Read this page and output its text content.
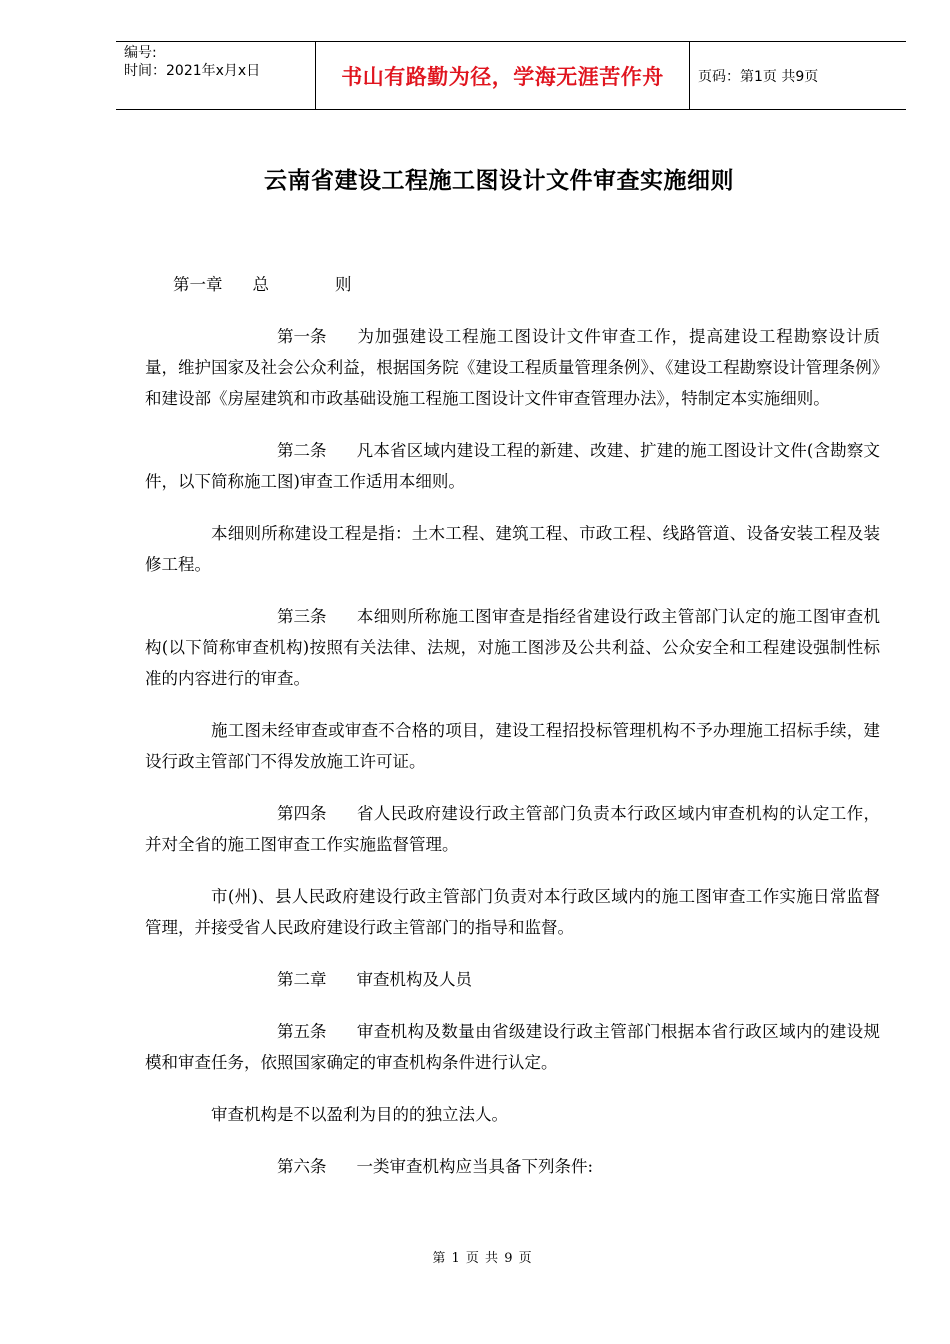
编号:
时间：2021年x月x日	书山有路勤为径，学海无涯苦作舟 页码：第1页 共9页
云南省建设工程施工图设计文件审查实施细则
第一章 总	则

第一条 为加强建设工程施工图设计文件审查工作，提高建设工程勘察设计质量，维护国家及社会公众利益，根据国务院《建设工程质量管理条例》、《建设工程勘察设计管理条例》和建设部《房屋建筑和市政基础设施工程施工图设计文件审查管理办法》，特制定本实施细则。

第二条 凡本省区域内建设工程的新建、改建、扩建的施工图设计文件(含勘察文件，以下简称施工图)审查工作适用本细则。

本细则所称建设工程是指：土木工程、建筑工程、市政工程、线路管道、设备安装工程及装修工程。

第三条 本细则所称施工图审查是指经省建设行政主管部门认定的施工图审查机构(以下简称审查机构)按照有关法律、法规，对施工图涉及公共利益、公众安全和工程建设强制性标准的内容进行的审查。

施工图未经审查或审查不合格的项目，建设工程招投标管理机构不予办理施工招标手续，建设行政主管部门不得发放施工许可证。

第四条 省人民政府建设行政主管部门负责本行政区域内审查机构的认定工作，并对全省的施工图审查工作实施监督管理。

市(州)、县人民政府建设行政主管部门负责对本行政区域内的施工图审查工作实施日常监督管理，并接受省人民政府建设行政主管部门的指导和监督。

第二章 审查机构及人员

第五条 审查机构及数量由省级建设行政主管部门根据本省行政区域内的建设规模和审查任务，依照国家确定的审查机构条件进行认定。

审查机构是不以盈利为目的的独立法人。

第六条 一类审查机构应当具备下列条件:

第 1 页 共 9 页
